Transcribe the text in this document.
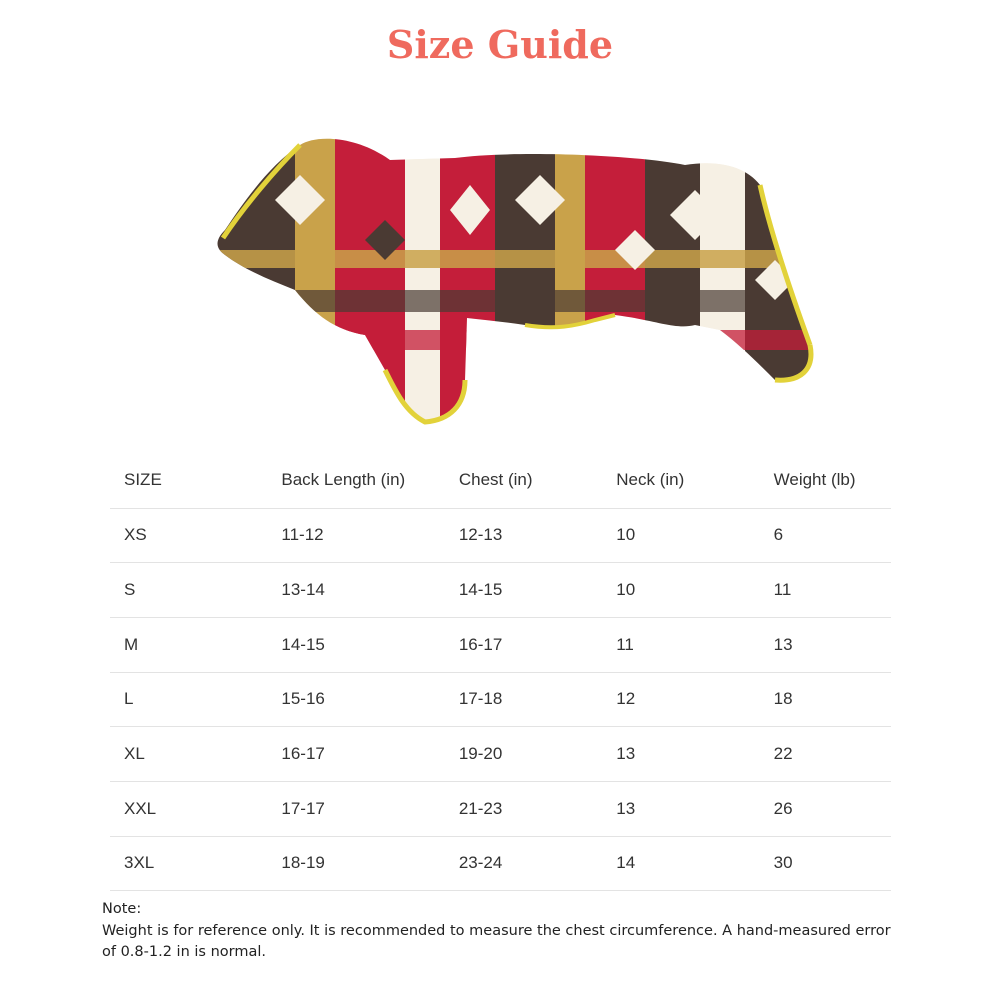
Size Guide
SIZE	Back Length (in)	Chest (in)	Neck (in)	Weight (lb)
XS	11-12	12-13	10	6
S	13-14	14-15	10	11
M	14-15	16-17	11	13
L	15-16	17-18	12	18
XL	16-17	19-20	13	22
XXL	17-17	21-23	13	26
3XL	18-19	23-24	14	30

Note:

Weight is for reference only. It is recommended to measure the chest circumference. A hand-measured error of 0.8-1.2 in is normal.
